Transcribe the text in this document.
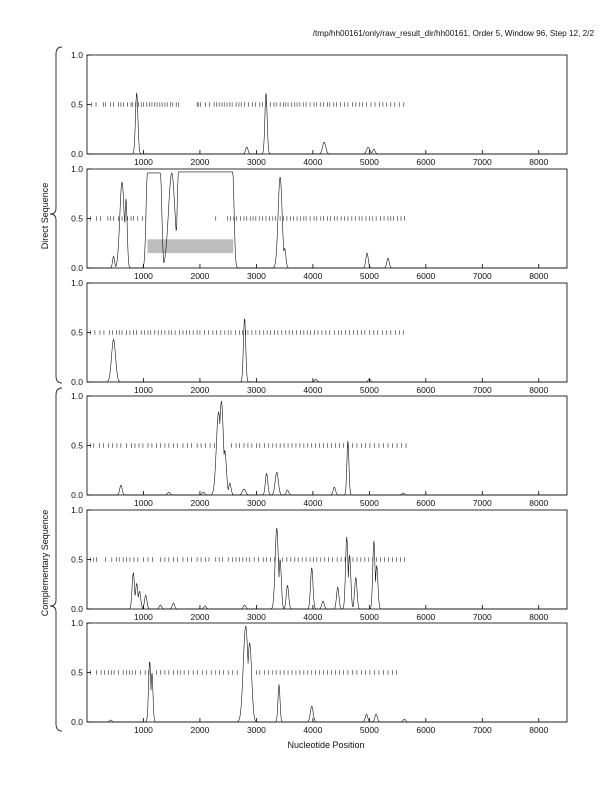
/tmp/hh00161/only/raw_result_dir/hh00161, Order 5, Window 96, Step 12, 2/2
0.0
0.5
1.0
1000	2000	3000	4000	5000	6000	7000	8000
0.0
0.5
1.0
1000	2000	3000	4000	5000	6000	7000	8000
0.0
0.5
1.0
1000	2000	3000	4000	5000	6000	7000	8000
0.0
0.5
1.0
1000	2000	3000	4000	5000	6000	7000	8000
0.0
0.5
1.0
1000	2000	3000	4000	5000	6000	7000	8000
0.0
0.5
1.0
1000	2000	3000	4000	5000	6000	7000	8000
Direct Sequence
Complementary Sequence
Nucleotide Position
